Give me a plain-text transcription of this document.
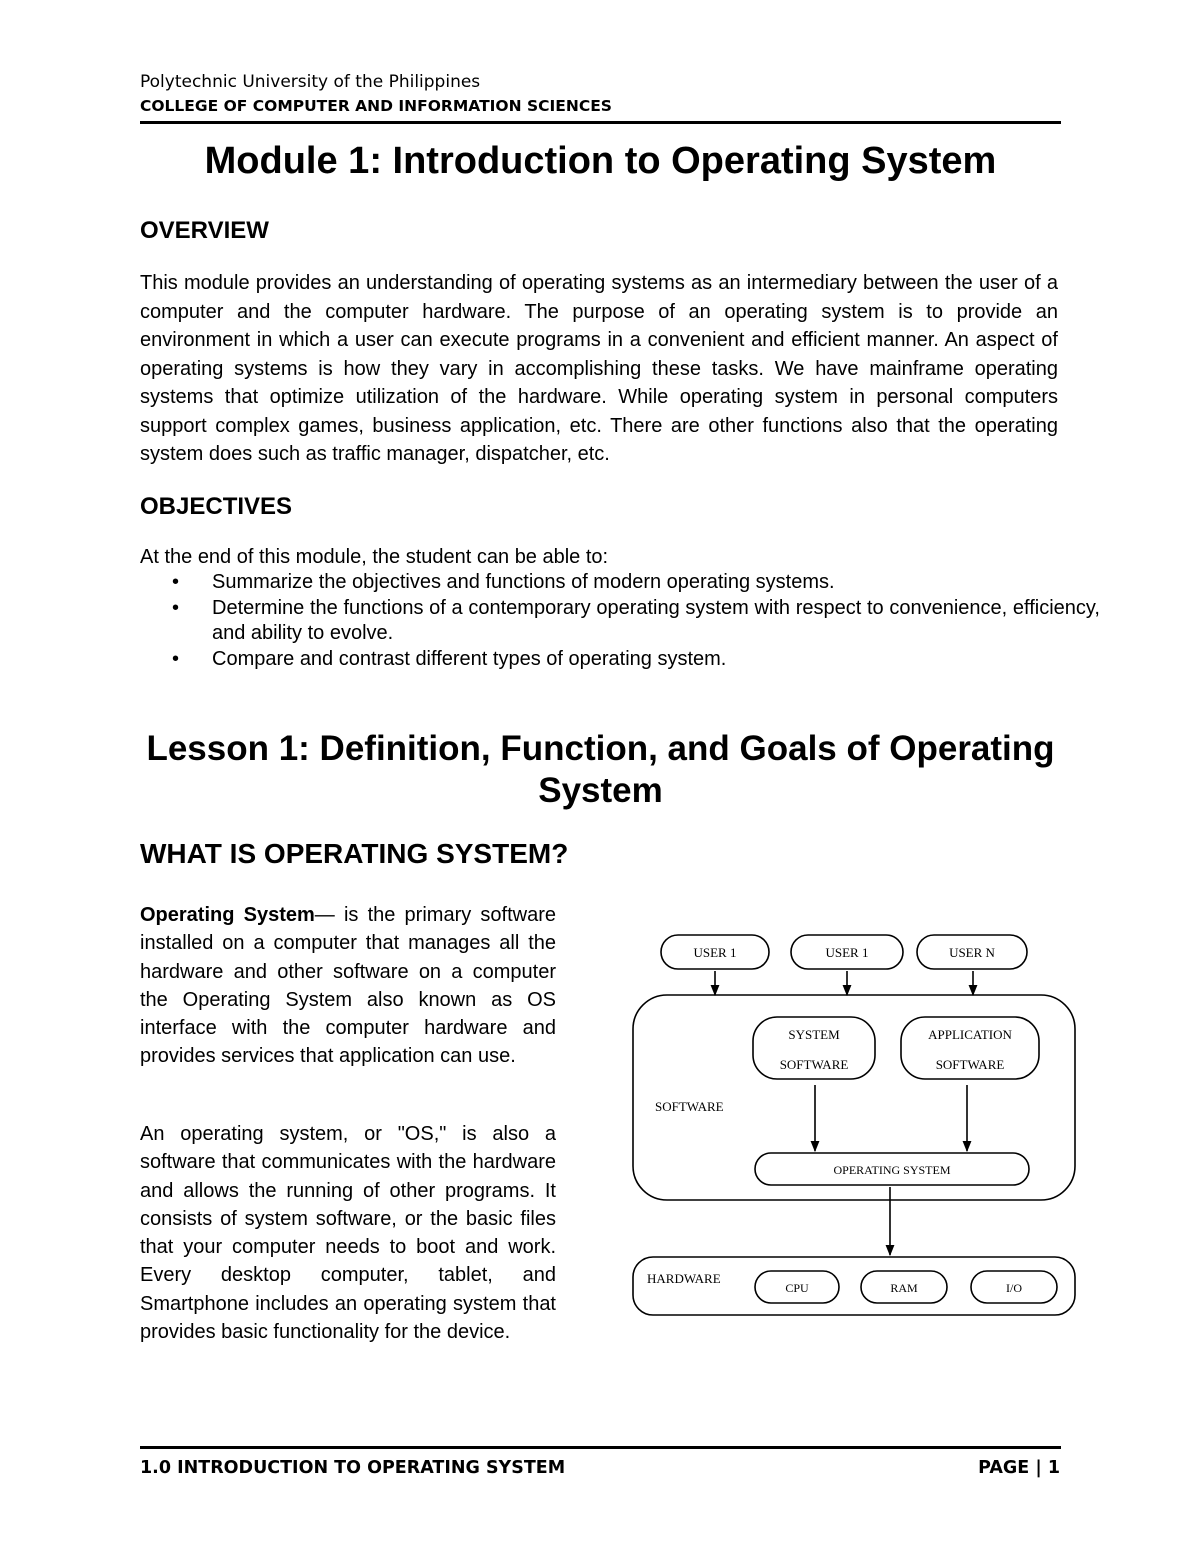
Polytechnic University of the Philippines
COLLEGE OF COMPUTER AND INFORMATION SCIENCES
Module 1: Introduction to Operating System
OVERVIEW
This module provides an understanding of operating systems as an intermediary between the user of a computer and the computer hardware. The purpose of an operating system is to provide an environment in which a user can execute programs in a convenient and efficient manner. An aspect of operating systems is how they vary in accomplishing these tasks. We have mainframe operating systems that optimize utilization of the hardware. While operating system in personal computers support complex games, business application, etc. There are other functions also that the operating system does such as traffic manager, dispatcher, etc.
OBJECTIVES
At the end of this module, the student can be able to:
• Summarize the objectives and functions of modern operating systems.
• Determine the functions of a contemporary operating system with respect to convenience, efficiency, and ability to evolve.
• Compare and contrast different types of operating system.
Lesson 1: Definition, Function, and Goals of Operating
System
WHAT IS OPERATING SYSTEM?
Operating System— is the primary software installed on a computer that manages all the hardware and other software on a computer the Operating System also known as OS interface with the computer hardware and provides services that application can use.
An operating system, or "OS," is also a software that communicates with the hardware and allows the running of other programs. It consists of system software, or the basic files that your computer needs to boot and work. Every desktop computer, tablet, and Smartphone includes an operating system that provides basic functionality for the device.
USER 1	USER 1	USER N
SYSTEM
SOFTWARE
APPLICATION
SOFTWARE
SOFTWARE
OPERATING SYSTEM
HARDWARE
CPU	RAM	I/O
1.0 INTRODUCTION TO OPERATING SYSTEM	PAGE | 1
